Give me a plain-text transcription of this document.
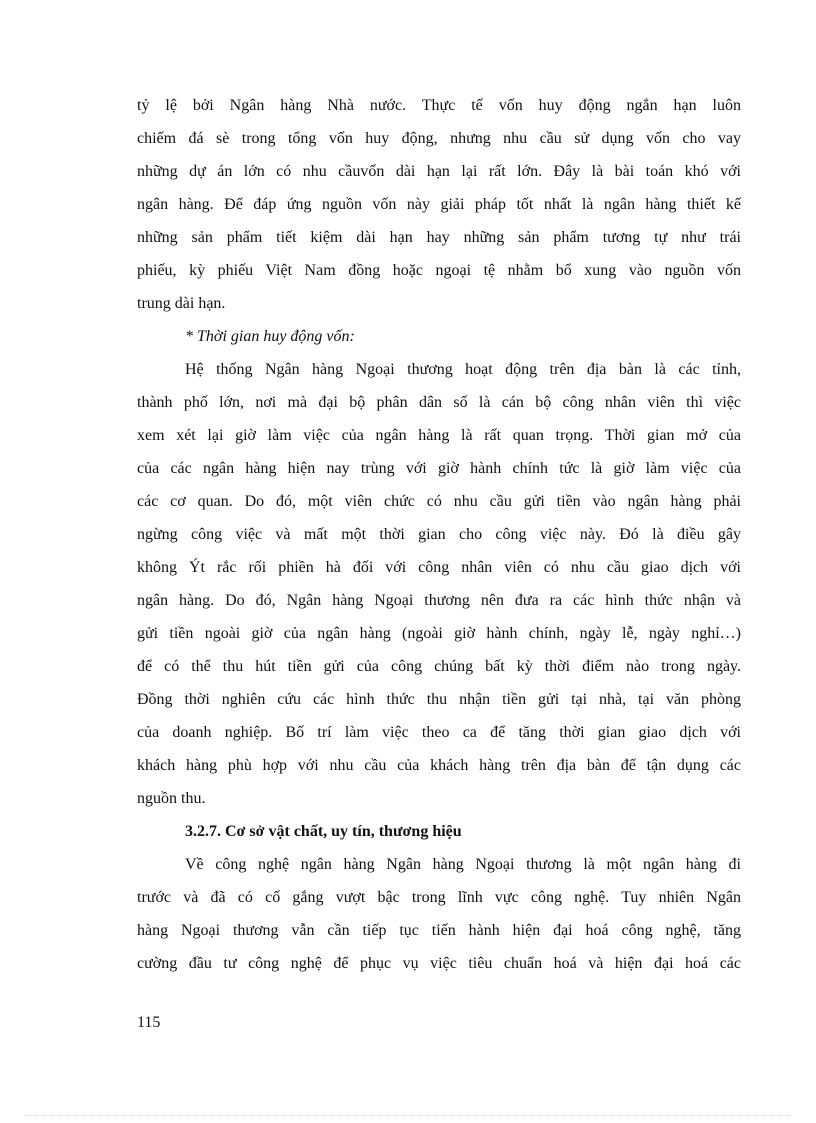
tỷ lệ bởi Ngân hàng Nhà nước. Thực tế vốn huy động ngắn hạn luôn
chiếm đá sè trong tổng vốn huy động, nhưng nhu cầu sử dụng vốn cho vay
những dự án lớn có nhu cầuvốn dài hạn lại rất lớn. Đây là bài toán khó với
ngân hàng. Để đáp ứng nguồn vốn này giải pháp tốt nhất là ngân hàng thiết kế
những sản phẩm tiết kiệm dài hạn hay những sản phẩm tương tự như trái
phiếu, kỳ phiếu Việt Nam đồng hoặc ngoại tệ nhằm bổ xung vào nguồn vốn
trung dài hạn.
* Thời gian huy động vốn:
Hệ thống Ngân hàng Ngoại thương hoạt động trên địa bàn là các tỉnh,
thành phố lớn, nơi mà đại bộ phân dân số là cán bộ công nhân viên thì việc
xem xét lại giờ làm việc của ngân hàng là rất quan trọng. Thời gian mở của
của các ngân hàng hiện nay trùng với giờ hành chính tức là giờ làm việc của
các cơ quan. Do đó, một viên chức có nhu cầu gửi tiền vào ngân hàng phải
ngừng công việc và mất một thời gian cho công việc này. Đó là điều gây
không Ýt rắc rối phiền hà đối với công nhân viên có nhu cầu giao dịch với
ngân hàng. Do đó, Ngân hàng Ngoại thương nên đưa ra các hình thức nhận và
gửi tiền ngoài giờ của ngân hàng (ngoài giờ hành chính, ngày lễ, ngày nghỉ…)
để có thể thu hút tiền gửi của công chúng bất kỳ thời điểm nào trong ngày.
Đồng thời nghiên cứu các hình thức thu nhận tiền gửi tại nhà, tại văn phòng
của doanh nghiệp. Bố trí làm việc theo ca để tăng thời gian giao dịch với
khách hàng phù hợp với nhu cầu của khách hàng trên địa bàn để tận dụng các
nguồn thu.
3.2.7. Cơ sở vật chất, uy tín, thương hiệu
Về công nghệ ngân hàng Ngân hàng Ngoại thương là một ngân hàng đi
trước và đã có cố gắng vượt bậc trong lĩnh vực công nghệ. Tuy nhiên Ngân
hàng Ngoại thương vẫn cần tiếp tục tiến hành hiện đại hoá công nghệ, tăng
cường đầu tư công nghệ để phục vụ việc tiêu chuẩn hoá và hiện đại hoá các
115
